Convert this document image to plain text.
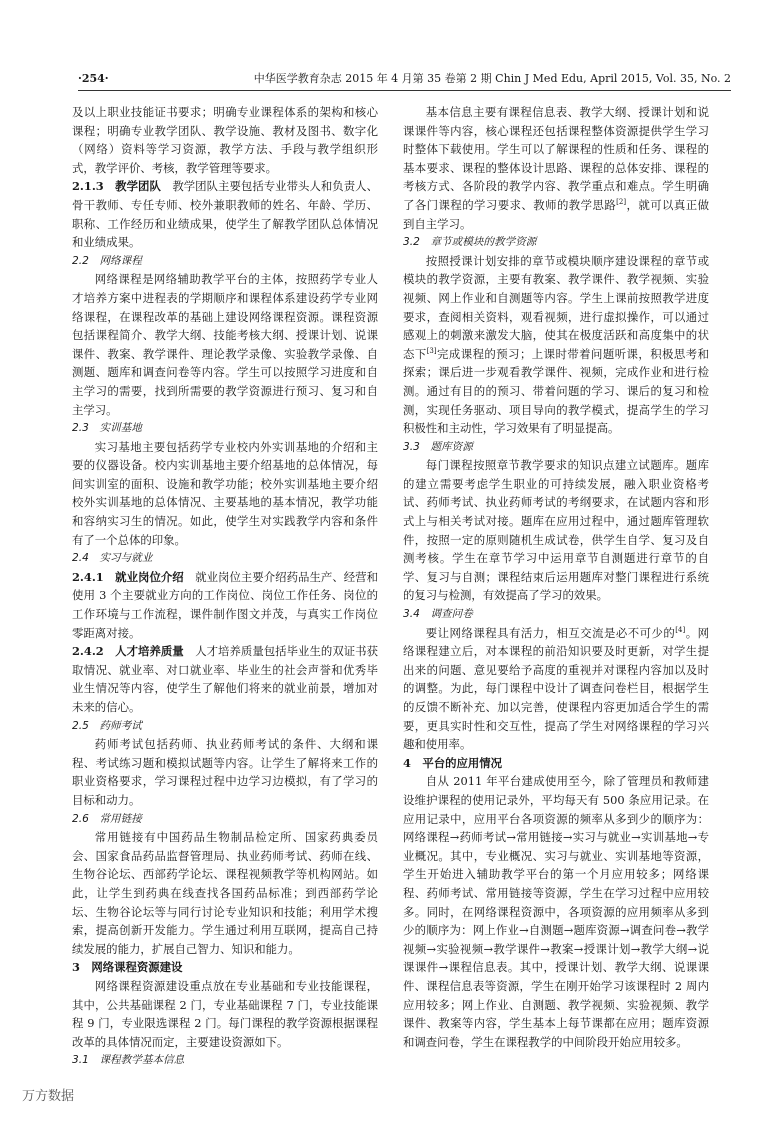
·254·	中华医学教育杂志 2015 年 4 月第 35 卷第 2 期 Chin J Med Edu, April 2015, Vol. 35, No. 2

及以上职业技能证书要求；明确专业课程体系的架构和核心课程；明确专业教学团队、教学设施、教材及图书、数字化（网络）资料等学习资源，教学方法、手段与教学组织形式，教学评价、考核，教学管理等要求。

2.1.3　教学团队　 教学团队主要包括专业带头人和负责人、骨干教师、专任专师、校外兼职教师的姓名、年龄、学历、职称、工作经历和业绩成果，使学生了解教学团队总体情况和业绩成果。

2.2　网络课程

网络课程是网络辅助教学平台的主体，按照药学专业人才培养方案中进程表的学期顺序和课程体系建设药学专业网络课程，在课程改革的基础上建设网络课程资源。课程资源包括课程简介、教学大纲、技能考核大纲、授课计划、说课课件、教案、教学课件、理论教学录像、实验教学录像、自测题、题库和调查问卷等内容。学生可以按照学习进度和自主学习的需要，找到所需要的教学资源进行预习、复习和自主学习。

2.3　实训基地

实习基地主要包括药学专业校内外实训基地的介绍和主要的仪器设备。校内实训基地主要介绍基地的总体情况，每间实训室的面积、设施和教学功能；校外实训基地主要介绍校外实训基地的总体情况、主要基地的基本情况，教学功能和容纳实习生的情况。如此，使学生对实践教学内容和条件有了一个总体的印象。

2.4　实习与就业

2.4.1　就业岗位介绍　 就业岗位主要介绍药品生产、经营和使用 3 个主要就业方向的工作岗位、岗位工作任务、岗位的工作环境与工作流程，课件制作图文并茂，与真实工作岗位零距离对接。

2.4.2　人才培养质量　 人才培养质量包括毕业生的双证书获取情况、就业率、对口就业率、毕业生的社会声誉和优秀毕业生情况等内容，使学生了解他们将来的就业前景，增加对未来的信心。

2.5　药师考试

药师考试包括药师、执业药师考试的条件、大纲和课程、考试练习题和模拟试题等内容。让学生了解将来工作的职业资格要求，学习课程过程中边学习边模拟，有了学习的目标和动力。

2.6　常用链接

常用链接有中国药品生物制品检定所、国家药典委员会、国家食品药品监督管理局、执业药师考试、药师在线、生物谷论坛、西部药学论坛、课程视频教学等机构网站。如此，让学生到药典在线查找各国药品标准；到西部药学论坛、生物谷论坛等与同行讨论专业知识和技能；利用学术搜索，提高创新开发能力。学生通过利用互联网，提高自己持续发展的能力，扩展自己智力、知识和能力。

3　网络课程资源建设

网络课程资源建设重点放在专业基础和专业技能课程，其中，公共基础课程 2 门，专业基础课程 7 门，专业技能课程 9 门，专业限选课程 2 门。每门课程的教学资源根据课程改革的具体情况而定，主要建设资源如下。

3.1　课程教学基本信息

基本信息主要有课程信息表、教学大纲、授课计划和说课课件等内容，核心课程还包括课程整体资源提供学生学习时整体下载使用。学生可以了解课程的性质和任务、课程的基本要求、课程的整体设计思路、课程的总体安排、课程的考核方式、各阶段的教学内容、教学重点和难点。学生明确了各门课程的学习要求、教师的教学思路[2]，就可以真正做到自主学习。

3.2　章节或模块的教学资源

按照授课计划安排的章节或模块顺序建设课程的章节或模块的教学资源，主要有教案、教学课件、教学视频、实验视频、网上作业和自测题等内容。学生上课前按照教学进度要求，查阅相关资料，观看视频，进行虚拟操作，可以通过感观上的刺激来激发大脑，使其在极度活跃和高度集中的状态下[3]完成课程的预习；上课时带着问题听课，积极思考和探索；课后进一步观看教学课件、视频，完成作业和进行检测。通过有目的的预习、带着问题的学习、课后的复习和检测，实现任务驱动、项目导向的教学模式，提高学生的学习积极性和主动性，学习效果有了明显提高。

3.3　题库资源

每门课程按照章节教学要求的知识点建立试题库。题库的建立需要考虑学生职业的可持续发展，融入职业资格考试、药师考试、执业药师考试的考纲要求，在试题内容和形式上与相关考试对接。题库在应用过程中，通过题库管理软件，按照一定的原则随机生成试卷，供学生自学、复习及自测考核。学生在章节学习中运用章节自测题进行章节的自学、复习与自测；课程结束后运用题库对整门课程进行系统的复习与检测，有效提高了学习的效果。

3.4　调查问卷

要让网络课程具有活力，相互交流是必不可少的[4]。网络课程建立后，对本课程的前沿知识要及时更新，对学生提出来的问题、意见要给予高度的重视并对课程内容加以及时的调整。为此，每门课程中设计了调查问卷栏目，根据学生的反馈不断补充、加以完善，使课程内容更加适合学生的需要，更具实时性和交互性，提高了学生对网络课程的学习兴趣和使用率。

4　平台的应用情况

自从 2011 年平台建成使用至今，除了管理员和教师建设维护课程的使用记录外，平均每天有 500 条应用记录。在应用记录中，应用平台各项资源的频率从多到少的顺序为：网络课程→药师考试→常用链接→实习与就业→实训基地→专业概况。其中，专业概况、实习与就业、实训基地等资源，学生开始进入辅助教学平台的第一个月应用较多；网络课程、药师考试、常用链接等资源，学生在学习过程中应用较多。同时，在网络课程资源中，各项资源的应用频率从多到少的顺序为：网上作业→自测题→题库资源→调查问卷→教学视频→实验视频→教学课件→教案→授课计划→教学大纲→说课课件→课程信息表。其中，授课计划、教学大纲、说课课件、课程信息表等资源，学生在刚开始学习该课程时 2 周内应用较多；网上作业、自测题、教学视频、实验视频、教学课件、教案等内容，学生基本上每节课都在应用；题库资源和调查问卷，学生在课程教学的中间阶段开始应用较多。

万方数据
